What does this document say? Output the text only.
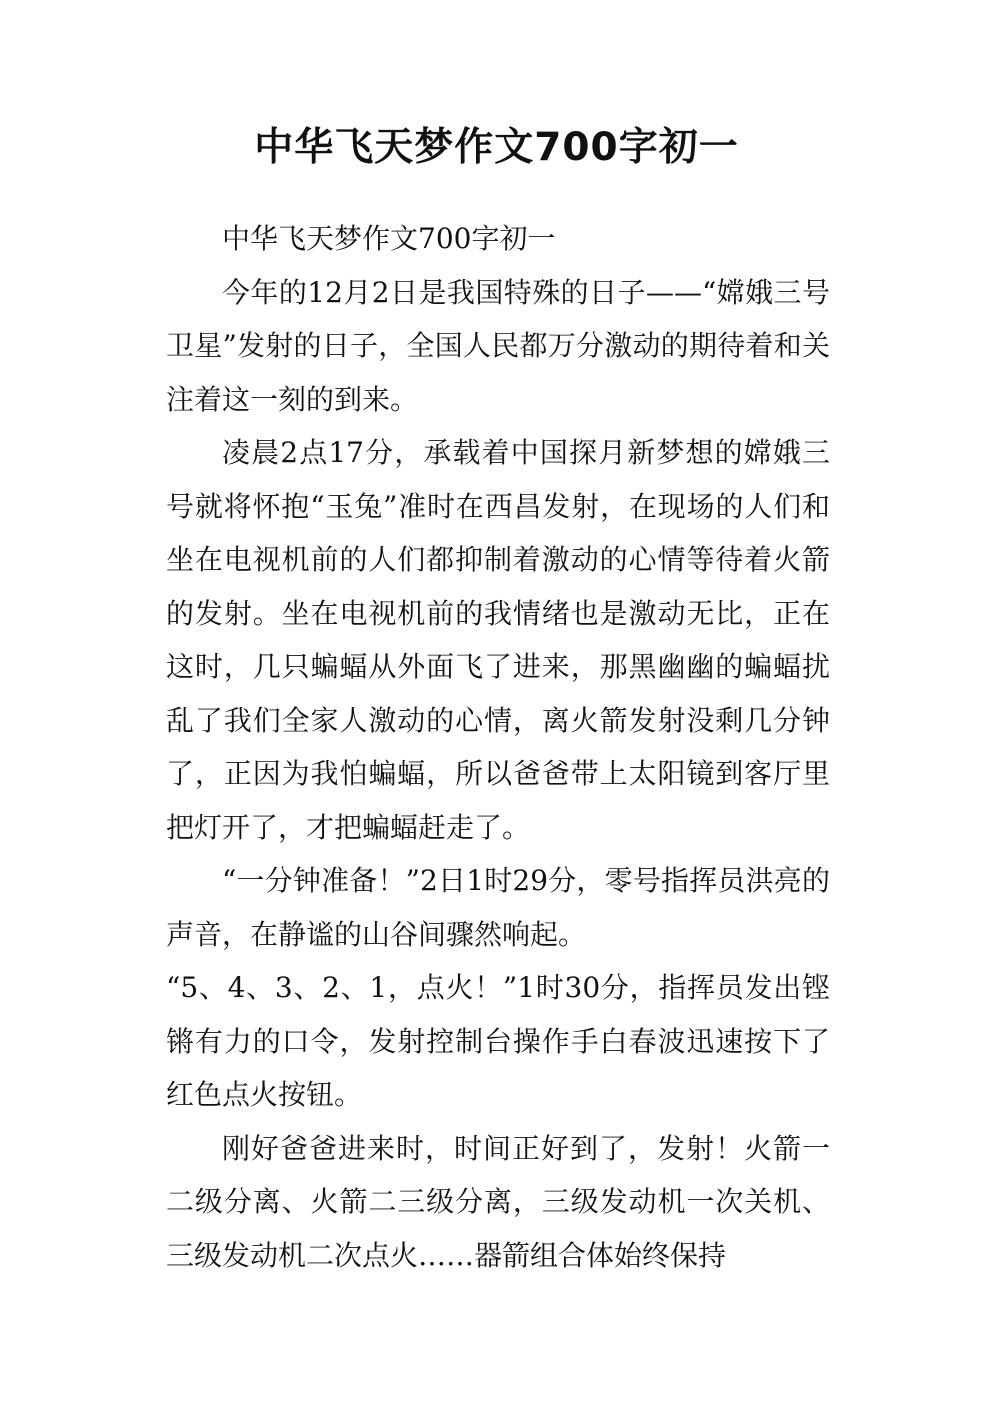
中华飞天梦作文700字初一

中华飞天梦作文700字初一

今年的12月2日是我国特殊的日子——“嫦娥三号卫星”发射的日子，全国人民都万分激动的期待着和关注着这一刻的到来。

凌晨2点17分，承载着中国探月新梦想的嫦娥三号就将怀抱“玉兔”准时在西昌发射，在现场的人们和坐在电视机前的人们都抑制着激动的心情等待着火箭的发射。坐在电视机前的我情绪也是激动无比，正在这时，几只蝙蝠从外面飞了进来，那黑幽幽的蝙蝠扰乱了我们全家人激动的心情，离火箭发射没剩几分钟了，正因为我怕蝙蝠，所以爸爸带上太阳镜到客厅里把灯开了，才把蝙蝠赶走了。

“一分钟准备！”2日1时29分，零号指挥员洪亮的声音，在静谧的山谷间骤然响起。

“5、4、3、2、1，点火！”1时30分，指挥员发出铿锵有力的口令，发射控制台操作手白春波迅速按下了红色点火按钮。

刚好爸爸进来时，时间正好到了，发射！火箭一二级分离、火箭二三级分离，三级发动机一次关机、三级发动机二次点火……器箭组合体始终保持
